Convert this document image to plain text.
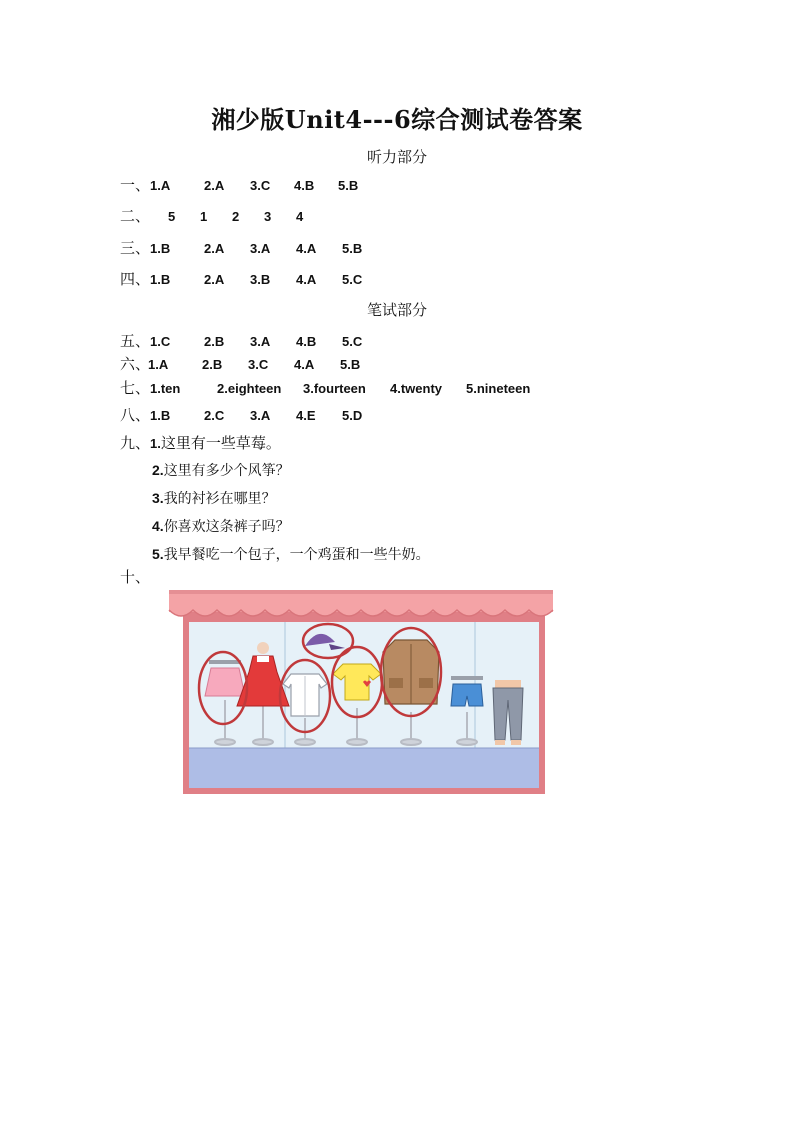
湘少版Unit4---6综合测试卷答案
听力部分
一、1.A	2.A 3.C 4.B 5.B
二、 5 1 2 3 4
三、1.B	2.A 3.A 4.A 5.B
四、1.B	2.A 3.B 4.A 5.C
笔试部分
五、1.C	2.B 3.A 4.B 5.C
六、1.A	2.B 3.C 4.A 5.B
七、1.ten	2.eighteen 3.fourteen 4.twenty 5.nineteen
八、1.B	2.C 3.A 4.E 5.D
九、1.这里有一些草莓。
2.这里有多少个风筝？
3.我的衬衫在哪里？
4.你喜欢这条裤子吗？
5.我早餐吃一个包子，一个鸡蛋和一些牛奶。
十、
